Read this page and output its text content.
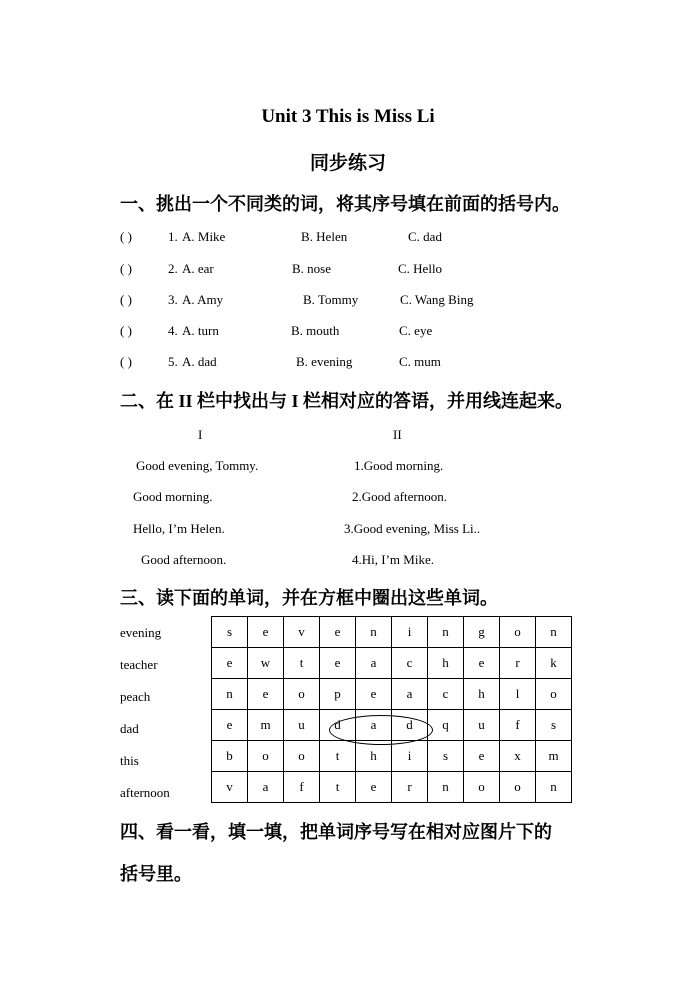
Unit 3 This is Miss Li
同步练习
一、挑出一个不同类的词，将其序号填在前面的括号内。
( )	1. A. Mike	B. Helen	C. dad
( )	2. A. ear	B. nose	C. Hello
( )	3. A. Amy	B. Tommy	C. Wang Bing
( )	4. A. turn	B. mouth	C. eye
( )	5. A. dad	B. evening	C. mum
二、在 II 栏中找出与 I 栏相对应的答语，并用线连起来。
I	II
Good evening, Tommy.	1.Good morning.
Good morning.	2.Good afternoon.
Hello, I’m Helen.	3.Good evening, Miss Li..
Good afternoon.	4.Hi, I’m Mike.
三、读下面的单词，并在方框中圈出这些单词。
evening
teacher
peach
dad
this
afternoon
s	e	v	e	n	i	n	g	o	n
e	w	t	e	a	c	h	e	r	k
n	e	o	p	e	a	c	h	l	o
e	m	u	d	a	d	q	u	f	s
b	o	o	t	h	i	s	e	x	m
v	a	f	t	e	r	n	o	o	n
四、看一看，填一填，把单词序号写在相对应图片下的
括号里。
